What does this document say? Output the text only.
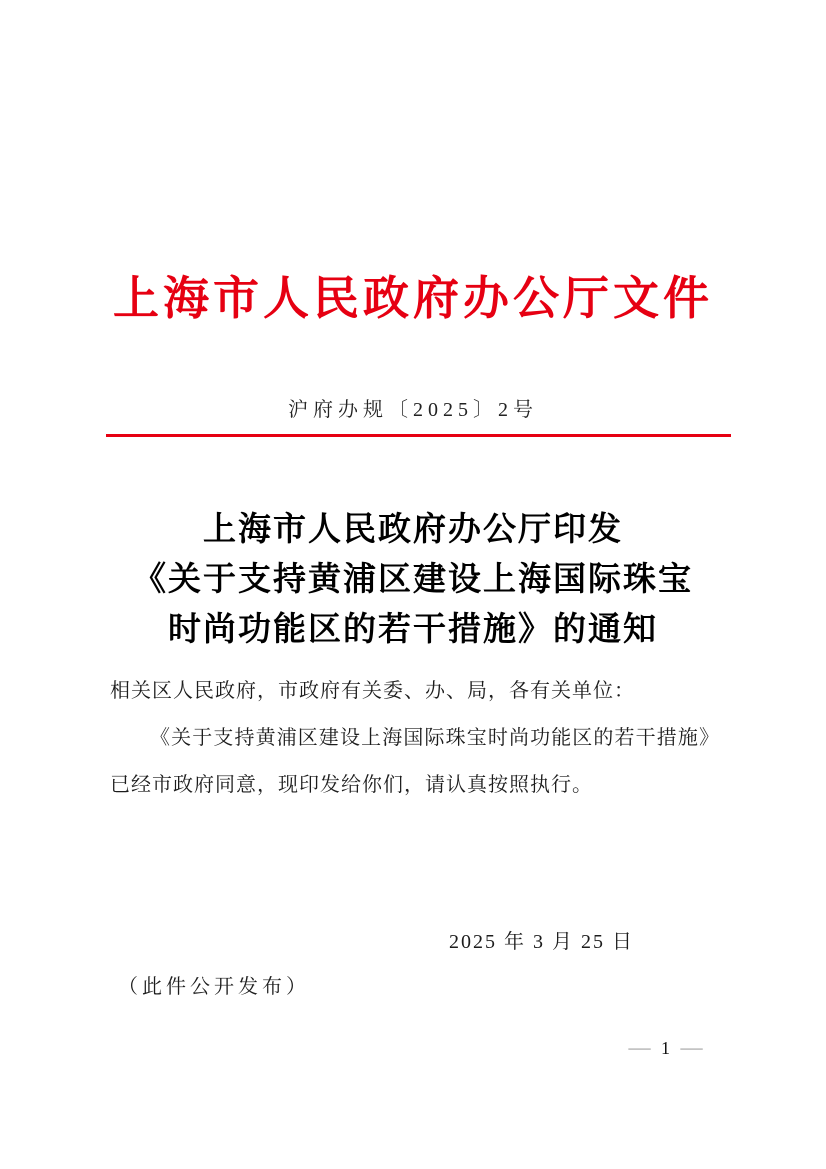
上海市人民政府办公厅文件
沪府办规〔2025〕2号
上海市人民政府办公厅印发
《关于支持黄浦区建设上海国际珠宝
时尚功能区的若干措施》的通知

相关区人民政府，市政府有关委、办、局，各有关单位：

《关于支持黄浦区建设上海国际珠宝时尚功能区的若干措施》已经市政府同意，现印发给你们，请认真按照执行。

2025 年 3 月 25 日
（此件公开发布）
— 1 —
